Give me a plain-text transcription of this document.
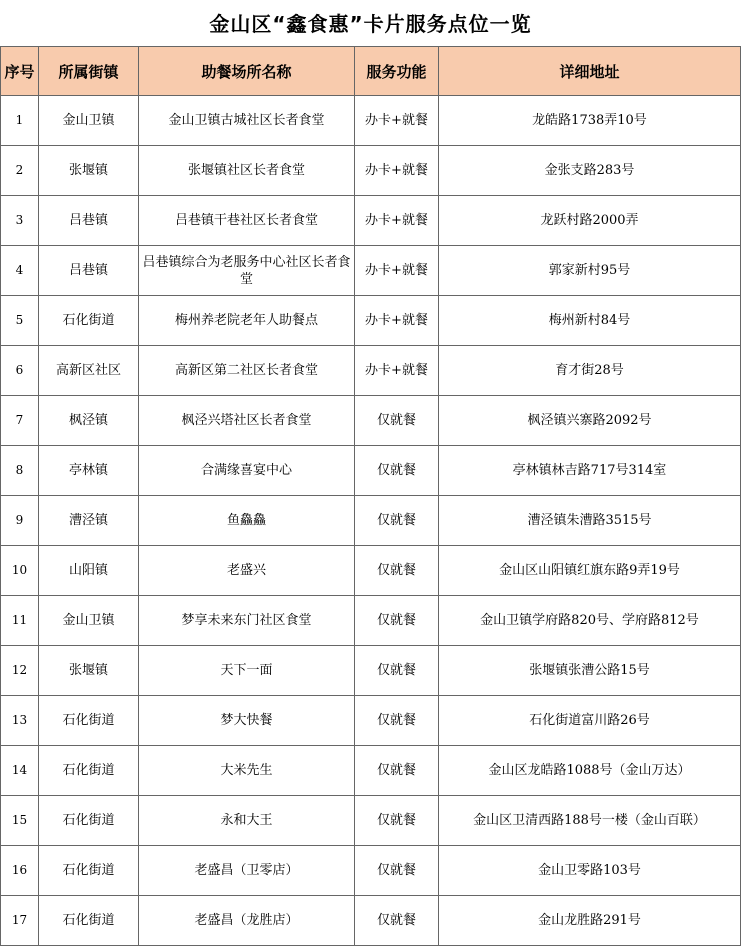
金山区“鑫食惠”卡片服务点位一览
序号	所属街镇	助餐场所名称	服务功能	详细地址
1	金山卫镇	金山卫镇古城社区长者食堂	办卡+就餐	龙皓路1738弄10号
2	张堰镇	张堰镇社区长者食堂	办卡+就餐	金张支路283号
3	吕巷镇	吕巷镇干巷社区长者食堂	办卡+就餐	龙跃村路2000弄
4	吕巷镇	吕巷镇综合为老服务中心社区长者食堂	办卡+就餐	郭家新村95号
5	石化街道	梅州养老院老年人助餐点	办卡+就餐	梅州新村84号
6	高新区社区	高新区第二社区长者食堂	办卡+就餐	育才街28号
7	枫泾镇	枫泾兴塔社区长者食堂	仅就餐	枫泾镇兴寨路2092号
8	亭林镇	合满缘喜宴中心	仅就餐	亭林镇林吉路717号314室
9	漕泾镇	鱼鱻鱻	仅就餐	漕泾镇朱漕路3515号
10	山阳镇	老盛兴	仅就餐	金山区山阳镇红旗东路9弄19号
11	金山卫镇	梦享未来东门社区食堂	仅就餐	金山卫镇学府路820号、学府路812号
12	张堰镇	天下一面	仅就餐	张堰镇张漕公路15号
13	石化街道	梦大快餐	仅就餐	石化街道富川路26号
14	石化街道	大米先生	仅就餐	金山区龙皓路1088号（金山万达）
15	石化街道	永和大王	仅就餐	金山区卫清西路188号一楼（金山百联）
16	石化街道	老盛昌（卫零店）	仅就餐	金山卫零路103号
17	石化街道	老盛昌（龙胜店）	仅就餐	金山龙胜路291号
